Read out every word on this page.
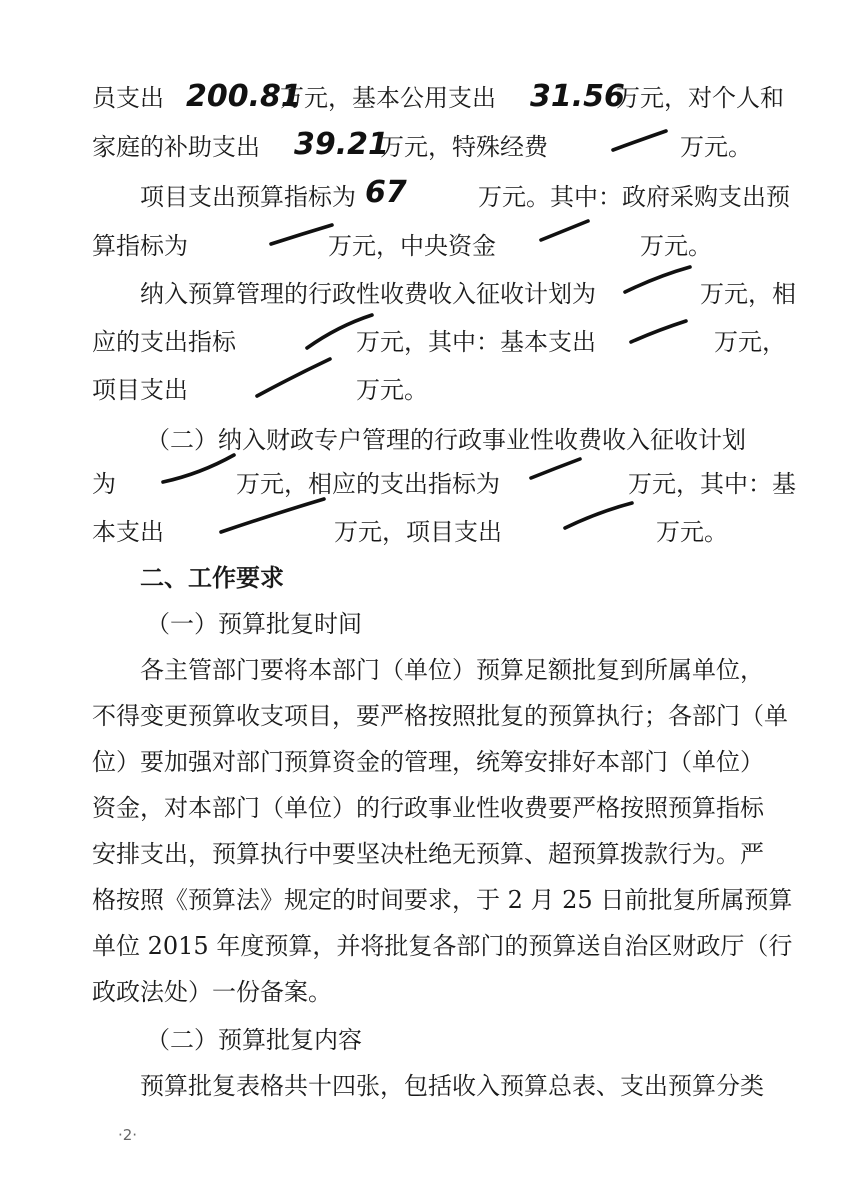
员支出 200.81
万元，基本公用支出 31.56
万元，对个人和
家庭的补助支出 39.21
万元，特殊经费	万元。
项目支出预算指标为 67	万元。其中：政府采购支出预
算指标为	万元，中央资金	万元。
纳入预算管理的行政性收费收入征收计划为	万元，相
应的支出指标	万元，其中：基本支出	万元，
项目支出	万元。
（二）纳入财政专户管理的行政事业性收费收入征收计划
为	万元，相应的支出指标为	万元，其中：基
本支出	万元，项目支出	万元。
二、工作要求
（一）预算批复时间
各主管部门要将本部门（单位）预算足额批复到所属单位，
不得变更预算收支项目，要严格按照批复的预算执行；各部门（单
位）要加强对部门预算资金的管理，统筹安排好本部门（单位）
资金，对本部门（单位）的行政事业性收费要严格按照预算指标
安排支出，预算执行中要坚决杜绝无预算、超预算拨款行为。严
格按照《预算法》规定的时间要求，于 2 月 25 日前批复所属预算
单位 2015 年度预算，并将批复各部门的预算送自治区财政厅（行
政政法处）一份备案。
（二）预算批复内容
预算批复表格共十四张，包括收入预算总表、支出预算分类
·2·
